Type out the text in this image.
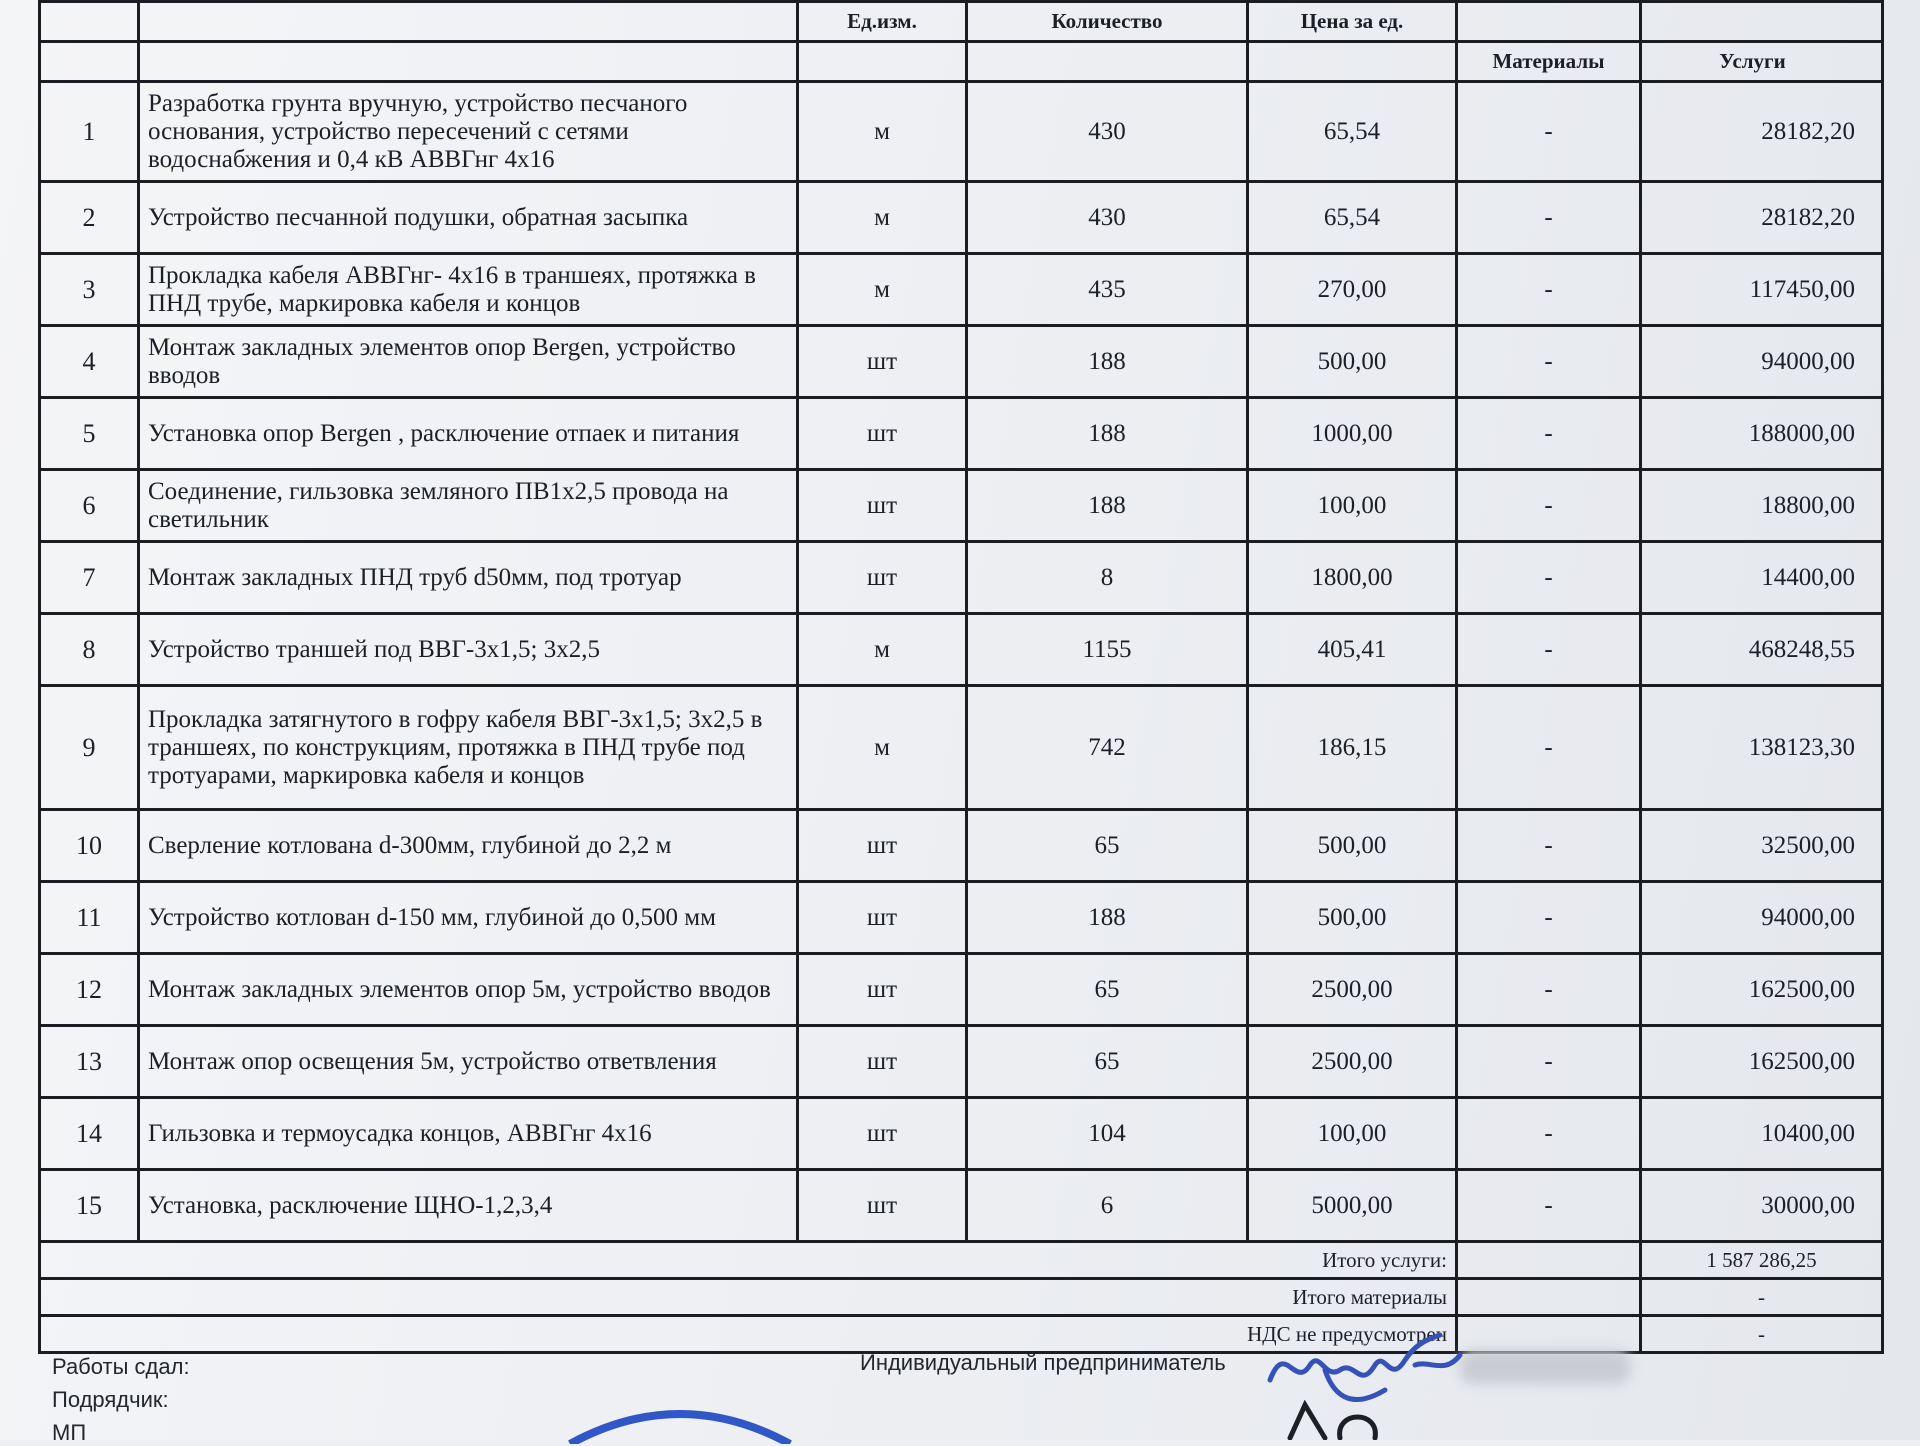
		Ед.изм.	Количество	Цена за ед.		
					Материалы	Услуги
1	Разработка грунта вручную, устройство песчаного основания, устройство пересечений с сетями водоснабжения и 0,4 кВ АВВГнг 4х16	м	430	65,54	-	28182,20
2	Устройство песчанной подушки, обратная засыпка	м	430	65,54	-	28182,20
3	Прокладка кабеля АВВГнг- 4х16 в траншеях, протяжка в ПНД трубе, маркировка кабеля и концов	м	435	270,00	-	117450,00
4	Монтаж закладных элементов опор Bergen, устройство вводов	шт	188	500,00	-	94000,00
5	Установка опор Bergen , расключение отпаек и питания	шт	188	1000,00	-	188000,00
6	Соединение, гильзовка земляного ПВ1х2,5 провода на светильник	шт	188	100,00	-	18800,00
7	Монтаж закладных ПНД труб d50мм, под тротуар	шт	8	1800,00	-	14400,00
8	Устройство траншей под ВВГ-3х1,5; 3х2,5	м	1155	405,41	-	468248,55
9	Прокладка затягнутого в гофру кабеля ВВГ-3х1,5; 3х2,5 в траншеях, по конструкциям, протяжка в ПНД трубе под тротуарами, маркировка кабеля и концов	м	742	186,15	-	138123,30
10	Сверление котлована d-300мм, глубиной до 2,2 м	шт	65	500,00	-	32500,00
11	Устройство котлован d-150 мм, глубиной до 0,500 мм	шт	188	500,00	-	94000,00
12	Монтаж закладных элементов опор 5м, устройство вводов	шт	65	2500,00	-	162500,00
13	Монтаж опор освещения 5м, устройство ответвления	шт	65	2500,00	-	162500,00
14	Гильзовка и термоусадка концов, АВВГнг 4х16	шт	104	100,00	-	10400,00
15	Установка, расключение ЩНО-1,2,3,4	шт	6	5000,00	-	30000,00
Итого услуги:						1 587 286,25
Итого материалы						-
НДС не предусмотрен						-
Работы сдал:
Подрядчик:
МП
Индивидуальный предприниматель
